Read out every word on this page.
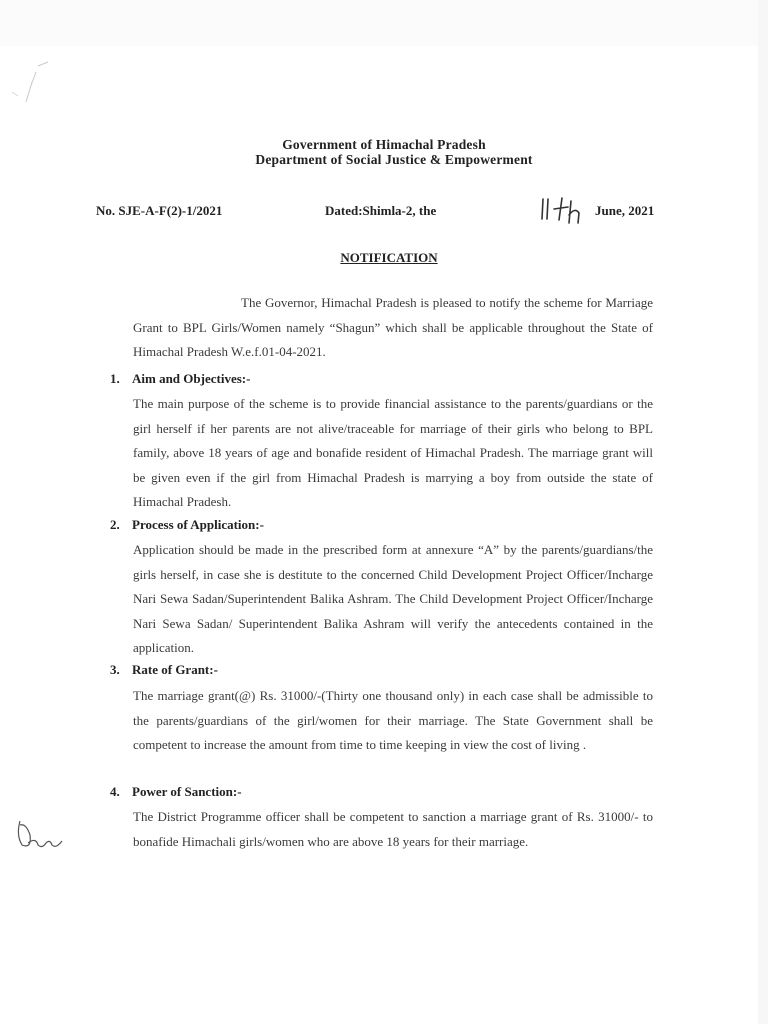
Government of Himachal Pradesh
Department of Social Justice & Empowerment
No. SJE-A-F(2)-1/2021	Dated:Shimla-2, the	June, 2021
NOTIFICATION
The Governor, Himachal Pradesh is pleased to notify the scheme for Marriage Grant to BPL Girls/Women namely “Shagun” which shall be applicable throughout the State of Himachal Pradesh W.e.f.01-04-2021.
1. Aim and Objectives:-
The main purpose of the scheme is to provide financial assistance to the parents/guardians or the girl herself if her parents are not alive/traceable for marriage of their girls who belong to BPL family, above 18 years of age and bonafide resident of Himachal Pradesh. The marriage grant will be given even if the girl from Himachal Pradesh is marrying a boy from outside the state of Himachal Pradesh.
2. Process of Application:-
Application should be made in the prescribed form at annexure “A” by the parents/guardians/the girls herself, in case she is destitute to the concerned Child Development Project Officer/Incharge Nari Sewa Sadan/Superintendent Balika Ashram. The Child Development Project Officer/Incharge Nari Sewa Sadan/ Superintendent Balika Ashram will verify the antecedents contained in the application.
3. Rate of Grant:-
The marriage grant(@) Rs. 31000/-(Thirty one thousand only) in each case shall be admissible to the parents/guardians of the girl/women for their marriage. The State Government shall be competent to increase the amount from time to time keeping in view the cost of living .
4. Power of Sanction:-
The District Programme officer shall be competent to sanction a marriage grant of Rs. 31000/- to bonafide Himachali girls/women who are above 18 years for their marriage.
